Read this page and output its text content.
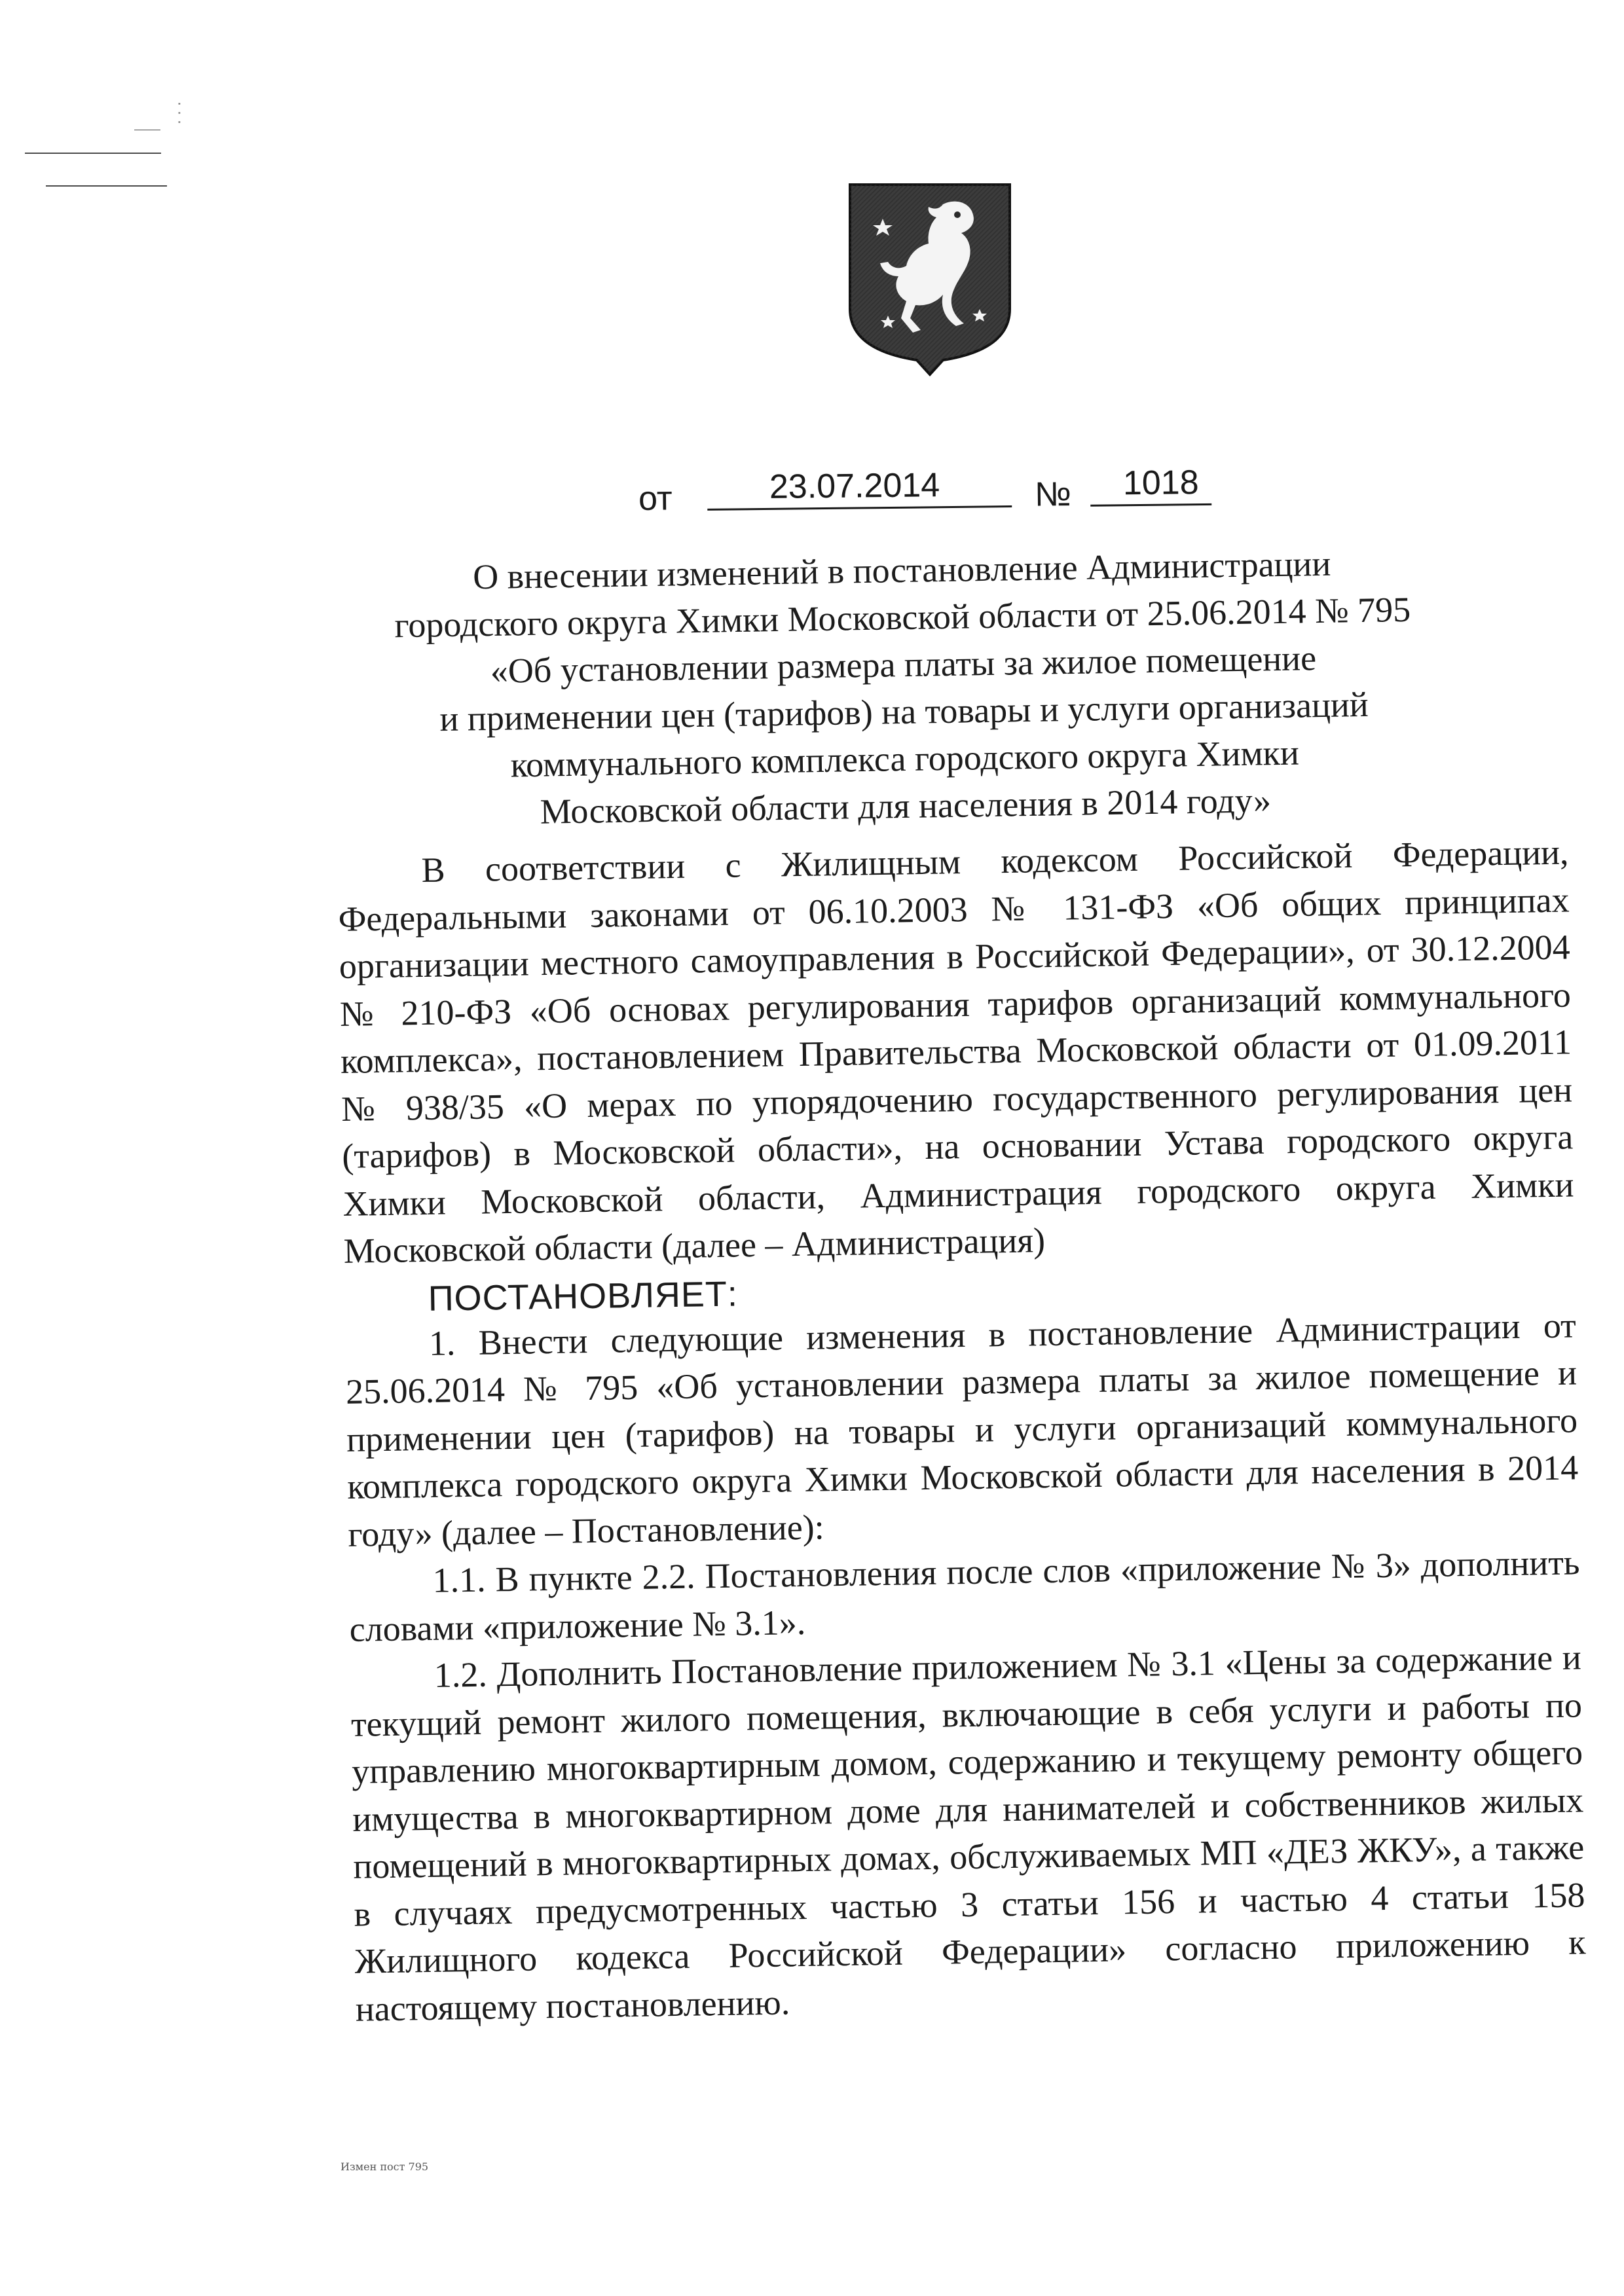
· · ·
от	23.07.2014	№ 1018
О внесении изменений в постановление Администрации
городского округа Химки Московской области от 25.06.2014 № 795
«Об установлении размера платы за жилое помещение
и применении цен (тарифов) на товары и услуги организаций
коммунального комплекса городского округа Химки
Московской области для населения в 2014 году»

В соответствии с Жилищным кодексом Российской Федерации, Федеральными законами от 06.10.2003 № 131-ФЗ «Об общих принципах организации местного самоуправления в Российской Федерации», от 30.12.2004 № 210-ФЗ «Об основах регулирования тарифов организаций коммунального комплекса», постановлением Правительства Московской области от 01.09.2011 № 938/35 «О мерах по упорядочению государственного регулирования цен (тарифов) в Московской области», на основании Устава городского округа Химки Московской области, Администрация городского округа Химки Московской области (далее – Администрация)

ПОСТАНОВЛЯЕТ:

1. Внести следующие изменения в постановление Администрации от 25.06.2014 № 795 «Об установлении размера платы за жилое помещение и применении цен (тарифов) на товары и услуги организаций коммунального комплекса городского округа Химки Московской области для населения в 2014 году» (далее – Постановление):

1.1. В пункте 2.2. Постановления после слов «приложение № 3» дополнить словами «приложение № 3.1».

1.2. Дополнить Постановление приложением № 3.1 «Цены за содержание и текущий ремонт жилого помещения, включающие в себя услуги и работы по управлению многоквартирным домом, содержанию и текущему ремонту общего имущества в многоквартирном доме для нанимателей и собственников жилых помещений в многоквартирных домах, обслуживаемых МП «ДЕЗ ЖКУ», а также в случаях предусмотренных частью 3 статьи 156 и частью 4 статьи 158 Жилищного кодекса Российской Федерации» согласно приложению к настоящему постановлению.

Измен пост 795
